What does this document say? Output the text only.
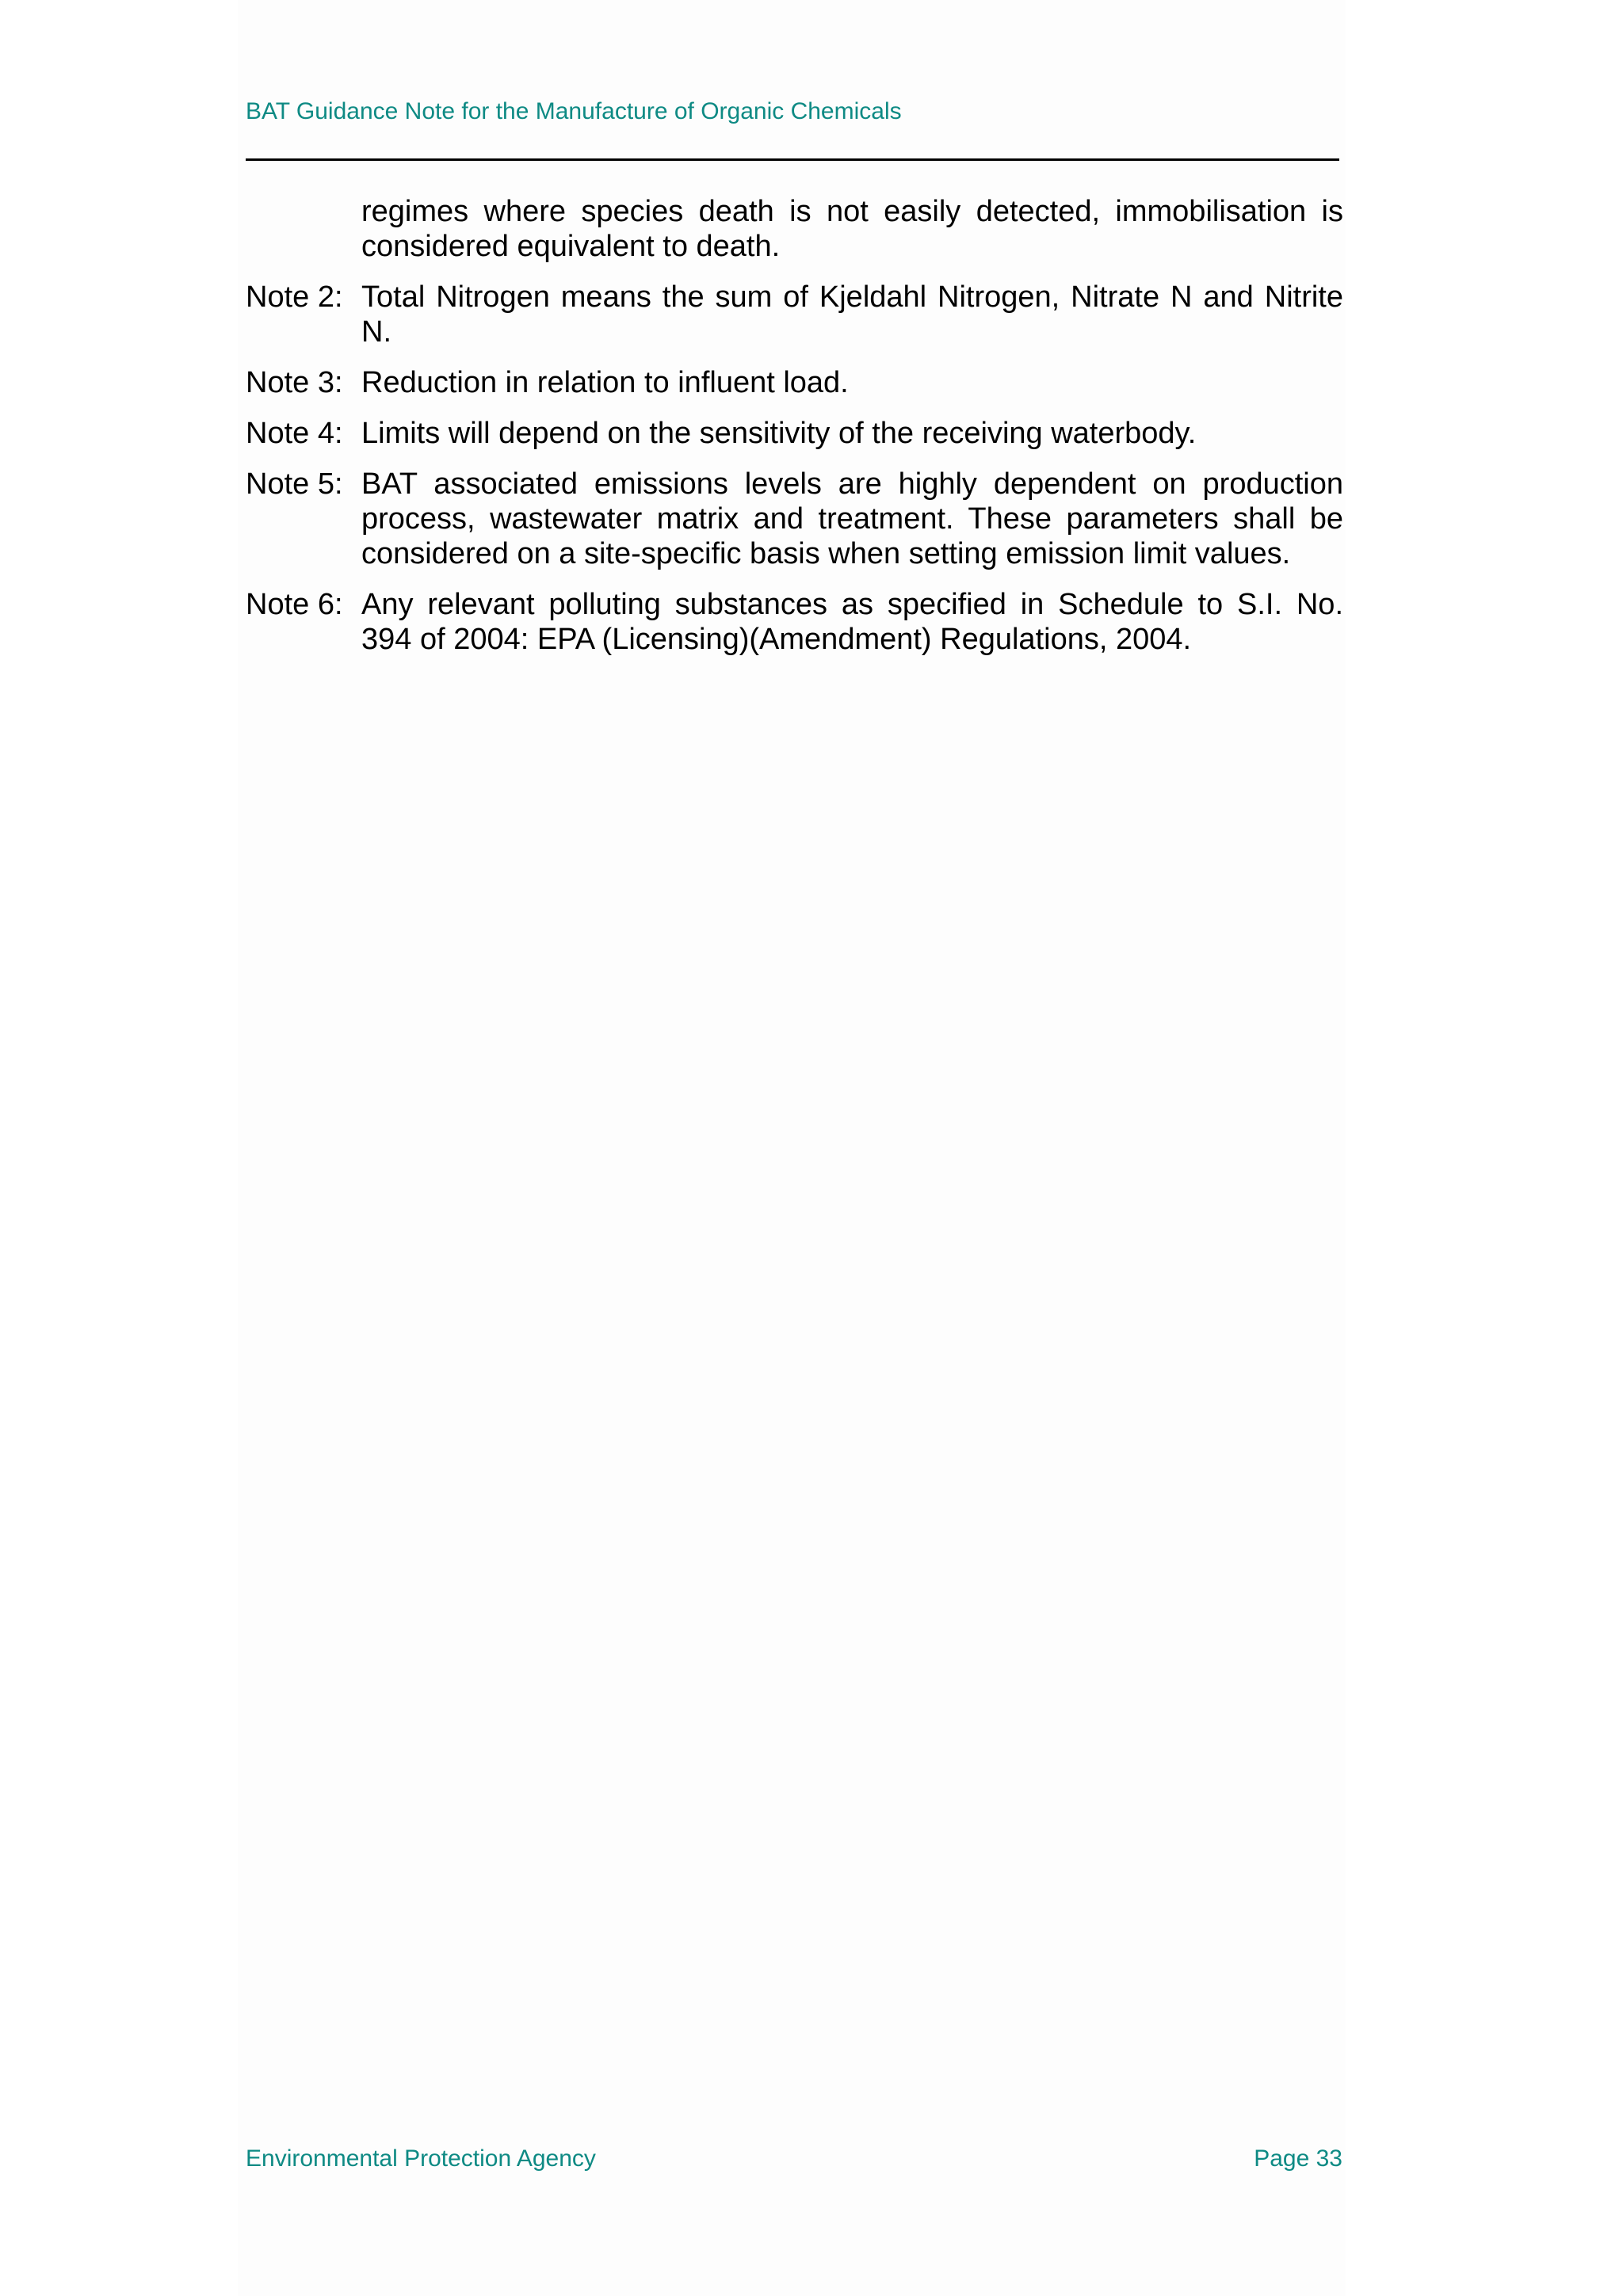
BAT Guidance Note for the Manufacture of Organic Chemicals
regimes where species death is not easily detected, immobilisation is considered equivalent to death.
Note 2: Total Nitrogen means the sum of Kjeldahl Nitrogen, Nitrate N and Nitrite N.
Note 3: Reduction in relation to influent load.
Note 4: Limits will depend on the sensitivity of the receiving waterbody.
Note 5: BAT associated emissions levels are highly dependent on production process, wastewater matrix and treatment. These parameters shall be considered on a site-specific basis when setting emission limit values.
Note 6: Any relevant polluting substances as specified in Schedule to S.I. No. 394 of 2004: EPA (Licensing)(Amendment) Regulations, 2004.
Environmental Protection Agency	Page 33
